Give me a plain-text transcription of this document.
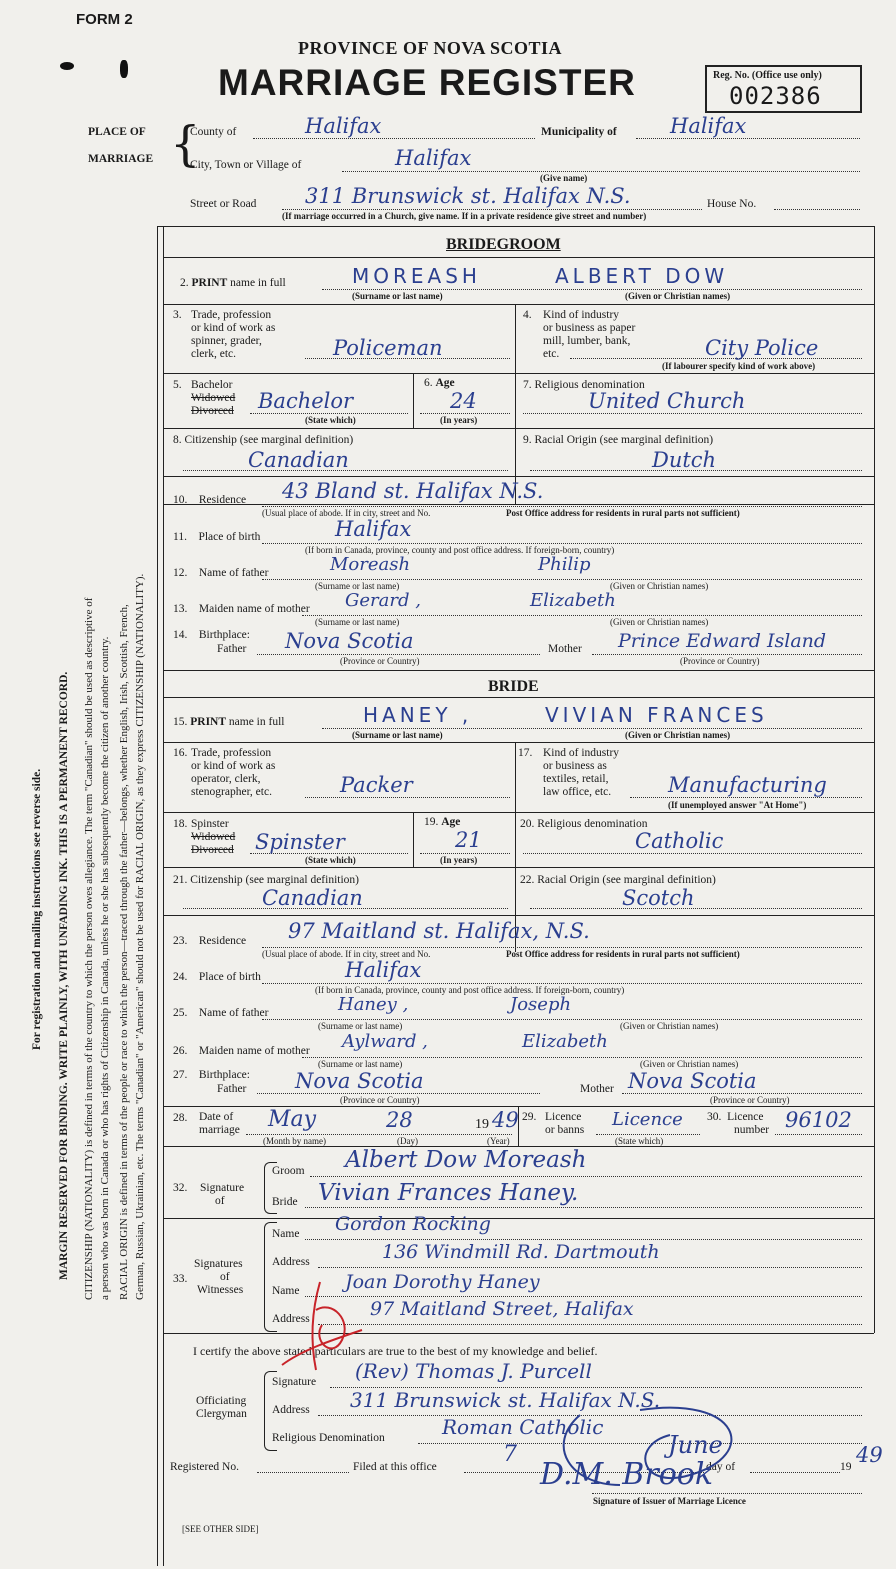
FORM 2
PROVINCE OF NOVA SCOTIA
MARRIAGE REGISTER	Reg. No. (Office use only)
002386
PLACE OF
MARRIAGE {
County of	Halifax	Municipality of	Halifax
City, Town or Village of	Halifax
(Give name)
Street or Road 311 Brunswick st. Halifax N.S.	House No.
(If marriage occurred in a Church, give name. If in a private residence give street and number)
For registration and mailing instructions see reverse side. MARGIN RESERVED FOR BINDING. WRITE PLAINLY, WITH UNFADING INK. THIS IS A PERMANENT RECORD. CITIZENSHIP (NATIONALITY) is defined in terms of the country to which the person owes allegiance. The term "Canadian" should be used as descriptive of a person who was born in Canada or who has rights of Citizenship in Canada, unless he or she has subsequently become the citizen of another country. RACIAL ORIGIN is defined in terms of the people or race to which the person—traced through the father—belongs, whether English, Irish, Scottish, French, German, Russian, Ukrainian, etc. The terms "Canadian" or "American" should not be used for RACIAL ORIGIN, as they express CITIZENSHIP (NATIONALITY).
BRIDEGROOM
2. PRINT name in full	MOREASH	ALBERT DOW
(Surname or last name)	(Given or Christian names)
3. Trade, profession
or kind of work as
spinner, grader,
clerk, etc.	Policeman
4. Kind of industry
or business as paper
mill, lumber, bank,
etc.	City Police
(If labourer specify kind of work above)
5. Bachelor
Widowed
Divorced Bachelor
(State which)
6. Age
24
(In years)
7. Religious denomination
United Church
8. Citizenship (see marginal definition)
Canadian
9. Racial Origin (see marginal definition)
Dutch
10. Residence 43 Bland st. Halifax N.S.
(Usual place of abode. If in city, street and No.	Post Office address for residents in rural parts not sufficient)
11. Place of birth	Halifax
(If born in Canada, province, county and post office address. If foreign-born, country)
12. Name of father	Moreash	Philip
(Surname or last name)	(Given or Christian names)
13. Maiden name of mother Gerard ,	Elizabeth
(Surname or last name)	(Given or Christian names)
14. Birthplace:
Father Nova Scotia	Mother Prince Edward Island
(Province or Country)	(Province or Country)
BRIDE
15. PRINT name in full	HANEY ,	VIVIAN FRANCES
(Surname or last name)	(Given or Christian names)
16. Trade, profession
or kind of work as
operator, clerk,
stenographer, etc.	Packer
17. Kind of industry
or business as
textiles, retail,
law office, etc.	Manufacturing
(If unemployed answer "At Home")
18. Spinster
Widowed
Divorced Spinster
(State which)
19. Age
21
(In years)
20. Religious denomination
Catholic
21. Citizenship (see marginal definition)
Canadian
22. Racial Origin (see marginal definition)
Scotch
23. Residence 97 Maitland st. Halifax, N.S.
(Usual place of abode. If in city, street and No.	Post Office address for residents in rural parts not sufficient)
24. Place of birth	Halifax
(If born in Canada, province, county and post office address. If foreign-born, country)
25. Name of father	Haney ,	Joseph
(Surname or last name)	(Given or Christian names)
26. Maiden name of mother Aylward ,	Elizabeth
(Surname or last name)	(Given or Christian names)
27. Birthplace:
Father Nova Scotia	Mother Nova Scotia
(Province or Country)	(Province or Country)
28. Date of
marriage May	28	19 49
(Month by name)	(Day)	(Year)
29. Licence
or banns Licence
(State which)
30. Licence
number 96102
32. Signature
of
Groom Albert Dow Moreash
Bride Vivian Frances Haney.
33.
Signatures
of
Witnesses
Name Gordon Rocking
Address	136 Windmill Rd. Dartmouth
Name Joan Dorothy Haney
Address	97 Maitland Street, Halifax
I certify the above stated particulars are true to the best of my knowledge and belief.
Officiating
Clergyman
Signature (Rev) Thomas J. Purcell
Address 311 Brunswick st. Halifax N.S.
Religious Denomination	Roman Catholic
Registered No.	Filed at this office	7	day of
June
19 49
D.M. Brook
Signature of Issuer of Marriage Licence
[SEE OTHER SIDE]
